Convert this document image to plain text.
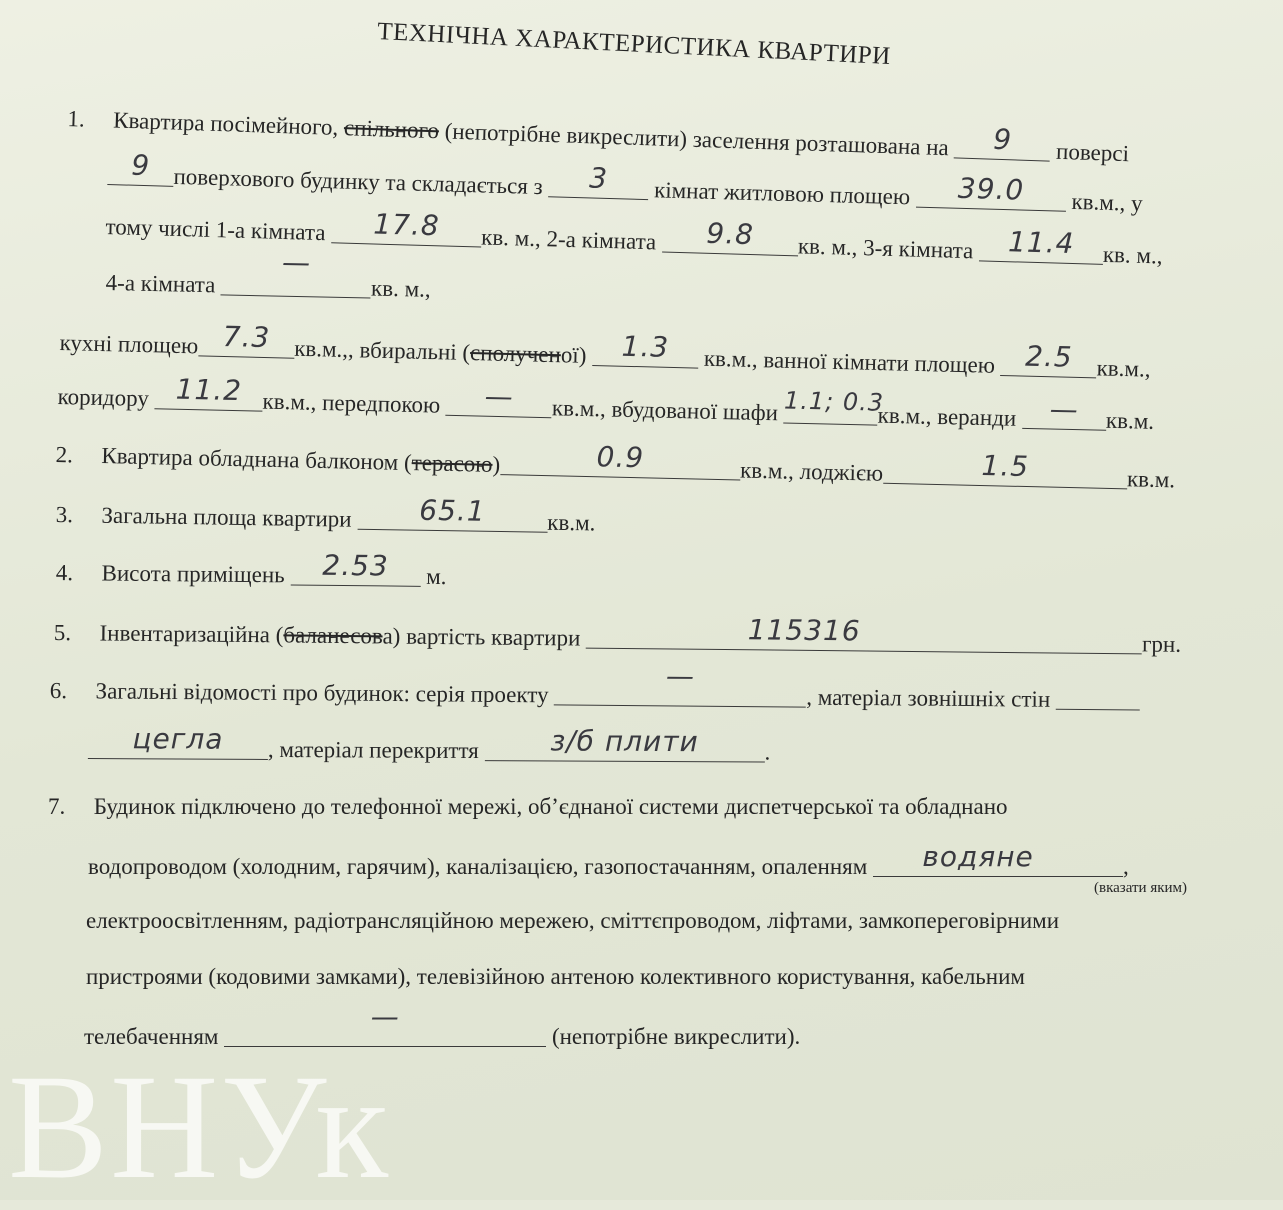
ТЕХНІЧНА ХАРАКТЕРИСТИКА КВАРТИРИ
1. Квартира посімейного, спільного (непотрібне викреслити) заселення розташована на	9	поверсі
9 поверхового будинку та складається з	3	кімнат житловою площею	39.0	кв.м., у
тому числі 1-а кімната	17.8	кв. м., 2-а кімната	9.8	кв. м., 3-я кімната	11.4	кв. м.,
4-а кімната
—
кв. м.,
кухні площею 7.3	кв.м.,, вбиральні (сполученої)	1.3	кв.м., ванної кімнати площею	2.5	кв.м.,
коридору 11.2 кв.м., передпокою	—	кв.м., вбудованої шафи 1.1; 0.3
кв.м., веранди	—	кв.м.
2. Квартира обладнана балконом (терасою)	0.9	кв.м., лоджією	1.5	кв.м.
3. Загальна площа квартири	65.1	кв.м.
4. Висота приміщень	2.53	м.
5. Інвентаризаційна (баланесова) вартість квартири	115316	грн.
6. Загальні відомості про будинок: серія проекту
—
, матеріал зовнішніх стін
цегла	, матеріал перекриття	з/б плити	.
7. Будинок підключено до телефонної мережі, об’єднаної системи диспетчерської та обладнано
водопроводом (холодним, гарячим), каналізацією, газопостачанням, опаленням	водяне	,
(вказати яким)
електроосвітленням, радіотрансляційною мережею, сміттєпроводом, ліфтами, замкопереговірними
пристроями (кодовими замками), телевізійною антеною колективного користування, кабельним
телебаченням
—
(непотрібне викреслити).
ВНУк
